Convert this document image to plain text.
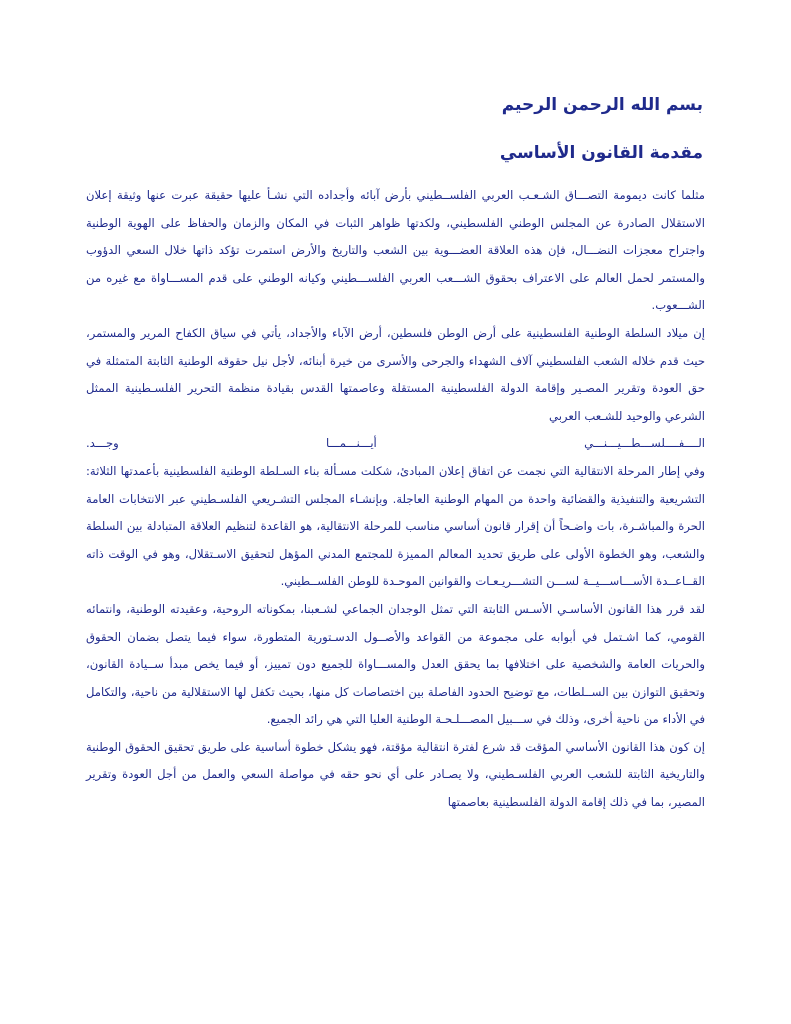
بسم الله الرحمن الرحيم
مقدمة القانون الأساسي

مثلما كانت ديمومة التصـــاق الشـعـب العربي الفلســطيني بأرض آبائه وأجداده التي نشـأ عليها حقيقة عبرت عنها وثيقة إعلان الاستقلال الصادرة عن المجلس الوطني الفلسطيني، ولكدتها ظواهر الثبات في المكان والزمان والحفاظ على الهوية الوطنية واجتراح معجزات النضـــال، فإن هذه العلاقة العضـــوية بين الشعب والتاريخ والأرض استمرت تؤكد ذاتها خلال السعي الدؤوب والمستمر لحمل العالم على الاعتراف بحقوق الشـــعب العربي الفلســـطيني وكيانه الوطني على قدم المســـاواة مع غيره من الشـــعوب.

إن ميلاد السلطة الوطنية الفلسطينية على أرض الوطن فلسطين، أرض الآباء والأجداد، يأتي في سياق الكفاح المرير والمستمر، حيث قدم خلاله الشعب الفلسطيني آلاف الشهداء والجرحى والأسرى من خيرة أبنائه، لأجل نيل حقوقه الوطنية الثابتة المتمثلة في حق العودة وتقرير المصـير وإقامة الدولة الفلسطينية المستقلة وعاصمتها القدس بقيادة منظمة التحرير الفلسـطينية الممثل الشرعي والوحيد للشـعب العربي

الــــفــــلســـطـــيـــنـــي أيـــنـــمـــا وجـــد.

وفي إطار المرحلة الانتقالية التي نجمت عن اتفاق إعلان المبادئ، شكلت مسـألة بناء السـلطة الوطنية الفلسطينية بأعمدتها الثلاثة: التشريعية والتنفيذية والقضائية واحدة من المهام الوطنية العاجلة. وبإنشـاء المجلس التشـريعي الفلسـطيني عبر الانتخابات العامة الحرة والمباشـرة، بات واضـحاً أن إقرار قانون أساسي مناسب للمرحلة الانتقالية، هو القاعدة لتنظيم العلاقة المتبادلة بين السلطة والشعب، وهو الخطوة الأولى على طريق تحديد المعالم المميزة للمجتمع المدني المؤهل لتحقيق الاسـتقلال، وهو في الوقت ذاته القــاعــدة الأســـاســـيــة لســـن التشـــريـعـات والقوانين الموحـدة للوطن الفلســطيني.

لقد قرر هذا القانون الأساسـي الأسـس الثابتة التي تمثل الوجدان الجماعي لشـعبنا، بمكوناته الروحية، وعقيدته الوطنية، وانتمائه القومي، كما اشـتمل في أبوابه على مجموعة من القواعد والأصــول الدسـتورية المتطورة، سواء فيما يتصل بضمان الحقوق والحريات العامة والشخصية على اختلافها بما يحقق العدل والمســـاواة للجميع دون تمييز، أو فيما يخص مبدأ ســيادة القانون، وتحقيق التوازن بين الســلطات، مع توضيح الحدود الفاصلة بين اختصاصات كل منها، بحيث تكفل لها الاستقلالية من ناحية، والتكامل في الأداء من ناحية أخرى، وذلك في ســـبيل المصـــلـحـة الوطنية العليا التي هي رائد الجميع.

إن كون هذا القانون الأساسي المؤقت قد شرع لفترة انتقالية مؤقتة، فهو يشكل خطوة أساسية على طريق تحقيق الحقوق الوطنية والتاريخية الثابتة للشعب العربي الفلسـطيني، ولا يصـادر على أي نحو حقه في مواصلة السعي والعمل من أجل العودة وتقرير المصير، بما في ذلك إقامة الدولة الفلسطينية بعاصمتها
